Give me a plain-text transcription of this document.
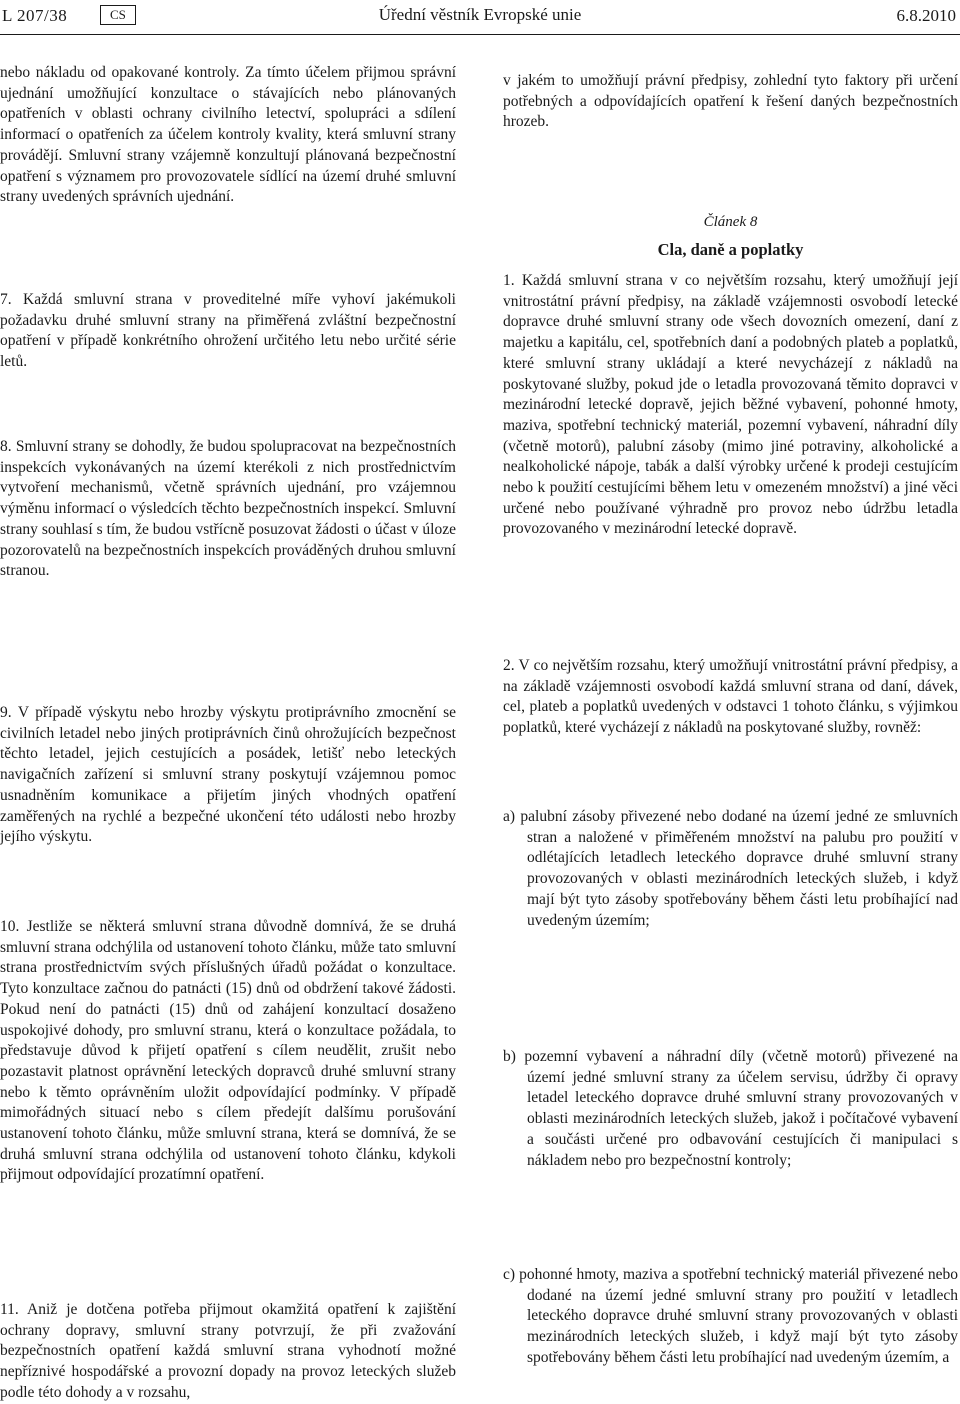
L 207/38	CS	Úřední věstník Evropské unie	6.8.2010

nebo nákladu od opakované kontroly. Za tímto účelem přijmou správní ujednání umožňující konzultace o stávajících nebo plánovaných opatřeních v oblasti ochrany civilního letectví, spolupráci a sdílení informací o opatřeních za účelem kontroly kvality, která smluvní strany provádějí. Smluvní strany vzájemně konzultují plánovaná bezpečnostní opatření s významem pro provozovatele sídlící na území druhé smluvní strany uvedených správních ujednání.

7. Každá smluvní strana v proveditelné míře vyhoví jakémukoli požadavku druhé smluvní strany na přiměřená zvláštní bezpečnostní opatření v případě konkrétního ohrožení určitého letu nebo určité série letů.

8. Smluvní strany se dohodly, že budou spolupracovat na bezpečnostních inspekcích vykonávaných na území kterékoli z nich prostřednictvím vytvoření mechanismů, včetně správních ujednání, pro vzájemnou výměnu informací o výsledcích těchto bezpečnostních inspekcí. Smluvní strany souhlasí s tím, že budou vstřícně posuzovat žádosti o účast v úloze pozorovatelů na bezpečnostních inspekcích prováděných druhou smluvní stranou.

9. V případě výskytu nebo hrozby výskytu protiprávního zmocnění se civilních letadel nebo jiných protiprávních činů ohrožujících bezpečnost těchto letadel, jejich cestujících a posádek, letišť nebo leteckých navigačních zařízení si smluvní strany poskytují vzájemnou pomoc usnadněním komunikace a přijetím jiných vhodných opatření zaměřených na rychlé a bezpečné ukončení této události nebo hrozby jejího výskytu.

10. Jestliže se některá smluvní strana důvodně domnívá, že se druhá smluvní strana odchýlila od ustanovení tohoto článku, může tato smluvní strana prostřednictvím svých příslušných úřadů požádat o konzultace. Tyto konzultace začnou do patnácti (15) dnů od obdržení takové žádosti. Pokud není do patnácti (15) dnů od zahájení konzultací dosaženo uspokojivé dohody, pro smluvní stranu, která o konzultace požádala, to představuje důvod k přijetí opatření s cílem neudělit, zrušit nebo pozastavit platnost oprávnění leteckých dopravců druhé smluvní strany nebo k těmto oprávněním uložit odpovídající podmínky. V případě mimořádných situací nebo s cílem předejít dalšímu porušování ustanovení tohoto článku, může smluvní strana, která se domnívá, že se druhá smluvní strana odchýlila od ustanovení tohoto článku, kdykoli přijmout odpovídající prozatímní opatření.

11. Aniž je dotčena potřeba přijmout okamžitá opatření k zajištění ochrany dopravy, smluvní strany potvrzují, že při zvažování bezpečnostních opatření každá smluvní strana vyhodnotí možné nepříznivé hospodářské a provozní dopady na provoz leteckých služeb podle této dohody a v rozsahu,

v jakém to umožňují právní předpisy, zohlední tyto faktory při určení potřebných a odpovídajících opatření k řešení daných bezpečnostních hrozeb.

Článek 8

Cla, daně a poplatky

1. Každá smluvní strana v co největším rozsahu, který umožňují její vnitrostátní právní předpisy, na základě vzájemnosti osvobodí letecké dopravce druhé smluvní strany ode všech dovozních omezení, daní z majetku a kapitálu, cel, spotřebních daní a podobných plateb a poplatků, které smluvní strany ukládají a které nevycházejí z nákladů na poskytované služby, pokud jde o letadla provozovaná těmito dopravci v mezinárodní letecké dopravě, jejich běžné vybavení, pohonné hmoty, maziva, spotřební technický materiál, pozemní vybavení, náhradní díly (včetně motorů), palubní zásoby (mimo jiné potraviny, alkoholické a nealkoholické nápoje, tabák a další výrobky určené k prodeji cestujícím nebo k použití cestujícími během letu v omezeném množství) a jiné věci určené nebo používané výhradně pro provoz nebo údržbu letadla provozovaného v mezinárodní letecké dopravě.

2. V co největším rozsahu, který umožňují vnitrostátní právní předpisy, a na základě vzájemnosti osvobodí každá smluvní strana od daní, dávek, cel, plateb a poplatků uvedených v odstavci 1 tohoto článku, s výjimkou poplatků, které vycházejí z nákladů na poskytované služby, rovněž:

a) palubní zásoby přivezené nebo dodané na území jedné ze smluvních stran a naložené v přiměřeném množství na palubu pro použití v odlétajících letadlech leteckého dopravce druhé smluvní strany provozovaných v oblasti mezinárodních leteckých služeb, i když mají být tyto zásoby spotřebovány během části letu probíhající nad uvedeným územím;

b) pozemní vybavení a náhradní díly (včetně motorů) přivezené na území jedné smluvní strany za účelem servisu, údržby či opravy letadel leteckého dopravce druhé smluvní strany provozovaných v oblasti mezinárodních leteckých služeb, jakož i počítačové vybavení a součásti určené pro odbavování cestujících či manipulaci s nákladem nebo pro bezpečnostní kontroly;

c) pohonné hmoty, maziva a spotřební technický materiál přivezené nebo dodané na území jedné smluvní strany pro použití v letadlech leteckého dopravce druhé smluvní strany provozovaných v oblasti mezinárodních leteckých služeb, i když mají být tyto zásoby spotřebovány během části letu probíhající nad uvedeným územím, a
